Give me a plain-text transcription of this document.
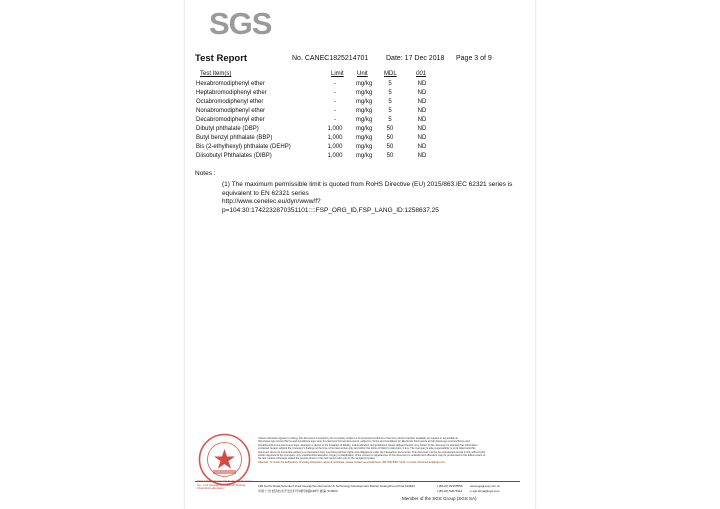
SGS
Test Report	No. CANEC1825214701	Date: 17 Dec 2018 Page 3 of 9
Test Item(s)	Limit Unit	MDL	001
Hexabromodiphenyl ether	-	mg/kg	5	ND
Heptabromodiphenyl ether	-	mg/kg	5	ND
Octabromodiphenyl ether	-	mg/kg	5	ND
Nonabromodiphenyl ether	-	mg/kg	5	ND
Decabromodiphenyl ether	-	mg/kg	5	ND
Dibutyl phthalate (DBP)	1,000	mg/kg	50	ND
Butyl benzyl phthalate (BBP)	1,000	mg/kg	50	ND
Bis (2-ethylhexyl) phthalate (DEHP)	1,000	mg/kg	50	ND
Diisobutyl Phthalates (DIBP)	1,000	mg/kg	50	ND
Notes :

(1) The maximum permissible limit is quoted from RoHS Directive (EU) 2015/863.IEC 62321 series is equivalent to EN 62321 series

http://www.cenelec.eu/dyn/www/f?p=104:30:1742232870351101::::FSP_ORG_ID,FSP_LANG_ID:1258637,25

Unless otherwise agreed in writing, this document is issued by the Company subject to its General Conditions of Service printed overleaf, available on request or accessible at http://www.sgs.com/en/Terms-and-Conditions.aspx and, for electronic format documents, subject to Terms and Conditions for Electronic Documents at http://www.sgs.com/en/Terms-and-Conditions/Terms-e-Document.aspx. Attention is drawn to the limitation of liability, indemnification and jurisdiction issues defined therein. Any holder of this document is advised that information contained hereon reflects the Company's findings at the time of its intervention only and within the limits of Client's instruction, if any. The Company's sole responsibility is to its Client and this document does not exonerate parties to a transaction from exercising all their rights and obligations under the transaction documents. This document cannot be reproduced except in full, without prior written approval of the Company. Any unauthorized alteration, forgery or falsification of the content or appearance of this document is unlawful and offenders may be prosecuted to the fullest extent of the law. Unless otherwise stated the results shown in this test report refer only to the sample(s) tested.
Attention: To check the authenticity of testing /inspection report & certificate, please contact us at telephone: (86-755) 8307 1443, or email: CN.Doccheck@sgs.com
198 Kezhu Road,Scientech Park Guangzhou Economic & Technology Development District,Guangzhou,China 510663
中国·广州·经济技术开发区科学城科珠路198号 邮编: 510663
t (86-20) 82155555
f (86-20) 82075113
www.sgsgroup.com.cn
e sgs.china@sgs.com
SGS-CSTC Standards Technical Services Co., Ltd. Guangzhou Branch Testing Chemical Laboratory
Member of the SGS Group (SGS SA)
